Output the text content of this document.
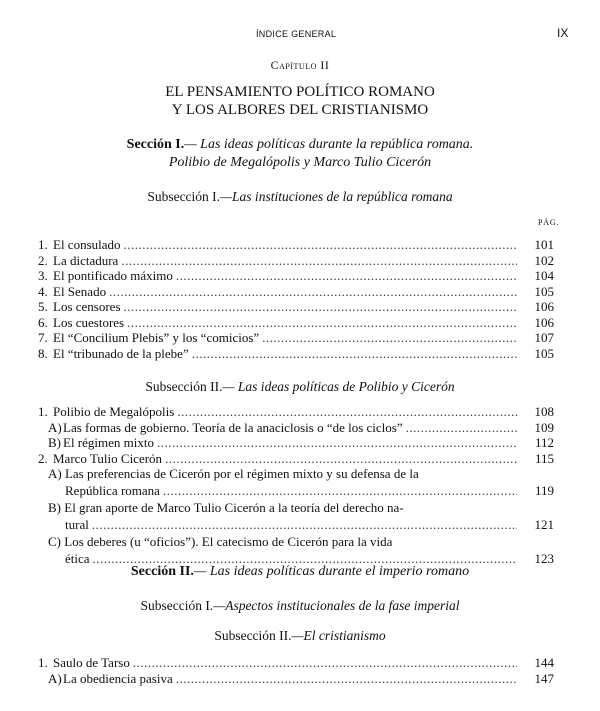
ÍNDICE GENERAL	IX
Capítulo II
EL PENSAMIENTO POLÍTICO ROMANO
Y LOS ALBORES DEL CRISTIANISMO
Sección I.— Las ideas políticas durante la república romana.
Polibio de Megalópolis y Marco Tulio Cicerón
Subsección I.—Las instituciones de la república romana
PÁG.
1. El consulado .....	101
2. La dictadura .....	102
3. El pontificado máximo .....	104
4. El Senado .....	105
5. Los censores .....	106
6. Los cuestores .....	106
7. El “Concilium Plebis” y los “comicios” .....	107
8. El “tribunado de la plebe” .....	105
Subsección II.— Las ideas políticas de Polibio y Cicerón
1. Polibio de Megalópolis .....	108
A) Las formas de gobierno. Teoría de la anaciclosis o “de los ciclos” .....	109
B) El régimen mixto .....	112
2. Marco Tulio Cicerón .....	115
A) Las preferencias de Cicerón por el régimen mixto y su defensa de la
República romana .....	119
B) El gran aporte de Marco Tulio Cicerón a la teoría del derecho na-
tural .....	121
C) Los deberes (u “oficios”). El catecismo de Cicerón para la vida
ética .....	123
Sección II.— Las ideas políticas durante el imperio romano
Subsección I.—Aspectos institucionales de la fase imperial
Subsección II.—El cristianismo
1. Saulo de Tarso .....	144
A) La obediencia pasiva .....	147
